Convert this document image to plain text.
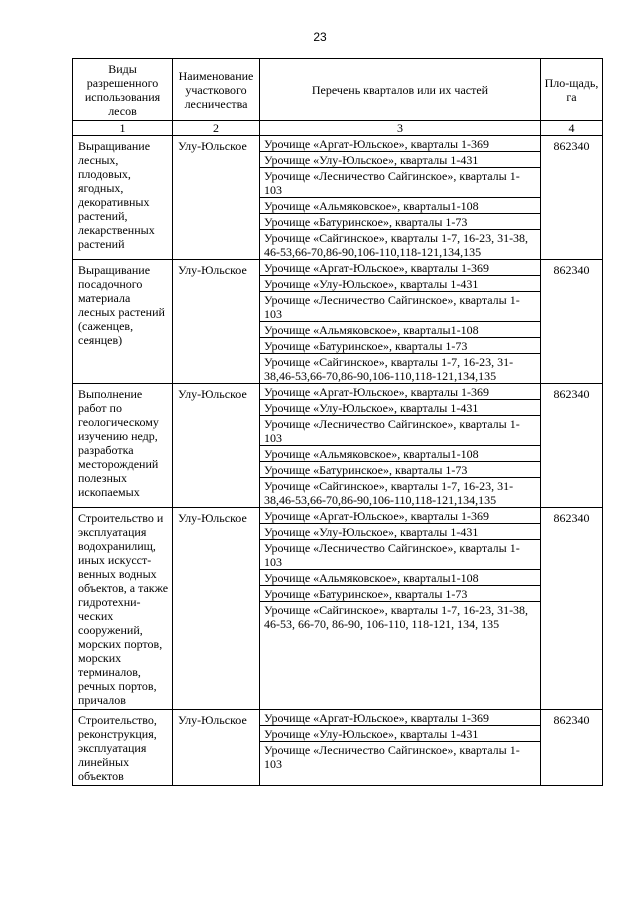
23
Виды разрешенного использования лесов	Наименование участкового лесничества	Перечень кварталов или их частей	Пло-щадь, га
1	2	3	4
Выращивание лесных, плодовых, ягодных, декоративных растений, лекарственных растений	Улу-Юльское	Урочище «Аргат-Юльское», кварталы 1-369
Урочище «Улу-Юльское», кварталы 1-431
Урочище «Лесничество Сайгинское», кварталы 1-103
Урочище «Альмяковское», кварталы1-108
Урочище «Батуринское», кварталы 1-73
Урочище «Сайгинское», кварталы 1-7, 16-23, 31-38, 46-53,66-70,86-90,106-110,118-121,134,135
	862340
Выращивание посадочного материала лесных растений (саженцев, сеянцев)	Улу-Юльское	Урочище «Аргат-Юльское», кварталы 1-369
Урочище «Улу-Юльское», кварталы 1-431
Урочище «Лесничество Сайгинское», кварталы 1-103
Урочище «Альмяковское», кварталы1-108
Урочище «Батуринское», кварталы 1-73
Урочище «Сайгинское», кварталы 1-7, 16-23, 31-38,46-53,66-70,86-90,106-110,118-121,134,135
	862340
Выполнение работ по геологическому изучению недр, разработка месторождений полезных ископаемых	Улу-Юльское	Урочище «Аргат-Юльское», кварталы 1-369
Урочище «Улу-Юльское», кварталы 1-431
Урочище «Лесничество Сайгинское», кварталы 1-103
Урочище «Альмяковское», кварталы1-108
Урочище «Батуринское», кварталы 1-73
Урочище «Сайгинское», кварталы 1-7, 16-23, 31-38,46-53,66-70,86-90,106-110,118-121,134,135
	862340
Строительство и эксплуатация водохранилищ, иных искусст-венных водных объектов, а также гидротехни-ческих сооружений, морских портов, морских терминалов, речных портов, причалов	Улу-Юльское	Урочище «Аргат-Юльское», кварталы 1-369
Урочище «Улу-Юльское», кварталы 1-431
Урочище «Лесничество Сайгинское», кварталы 1-103
Урочище «Альмяковское», кварталы1-108
Урочище «Батуринское», кварталы 1-73
Урочище «Сайгинское», кварталы 1-7, 16-23, 31-38, 46-53, 66-70, 86-90, 106-110, 118-121, 134, 135
	862340
Строительство, реконструкция, эксплуатация линейных объектов	Улу-Юльское	Урочище «Аргат-Юльское», кварталы 1-369
Урочище «Улу-Юльское», кварталы 1-431
Урочище «Лесничество Сайгинское», кварталы 1-103
	862340
